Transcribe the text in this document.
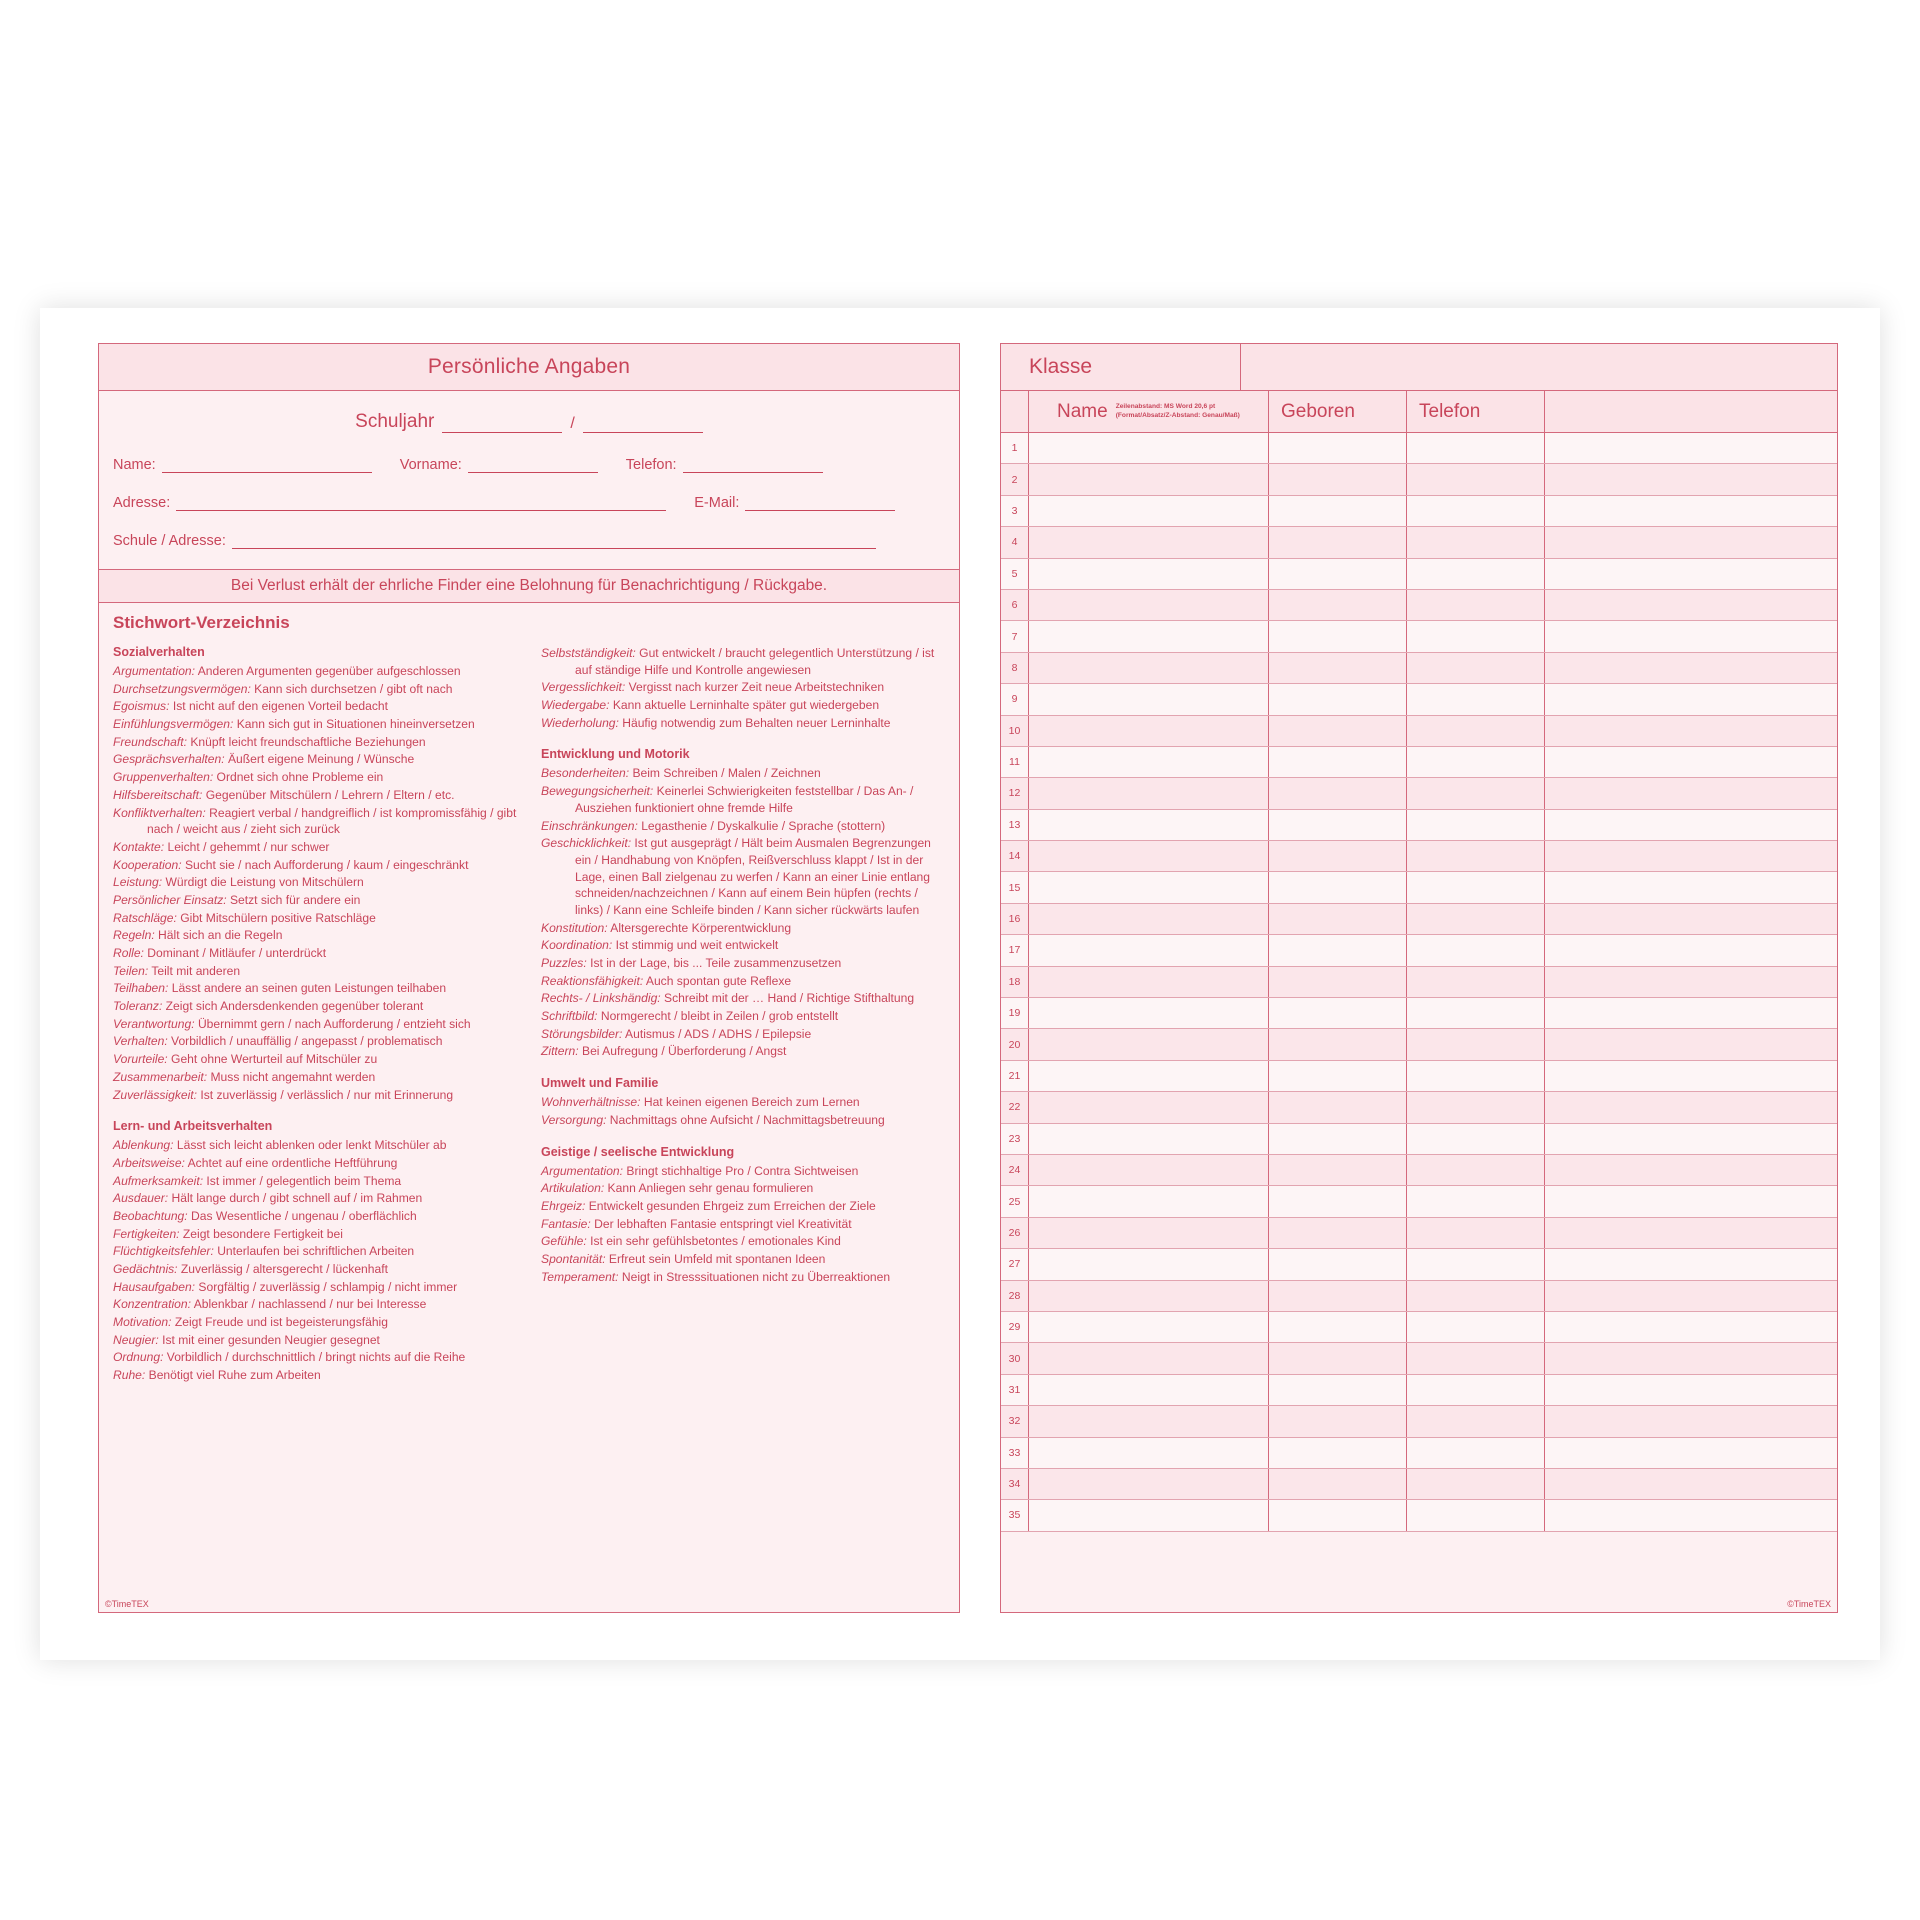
Persönliche Angaben
Schuljahr	/
Name:	Vorname:	Telefon:
Adresse:	E-Mail:
Schule / Adresse:
Bei Verlust erhält der ehrliche Finder eine Belohnung für Benachrichtigung / Rückgabe.
Stichwort-Verzeichnis
Sozialverhalten
Argumentation: Anderen Argumenten gegenüber aufgeschlossen
Durchsetzungsvermögen: Kann sich durchsetzen / gibt oft nach
Egoismus: Ist nicht auf den eigenen Vorteil bedacht
Einfühlungsvermögen: Kann sich gut in Situationen hineinversetzen
Freundschaft: Knüpft leicht freundschaftliche Beziehungen
Gesprächsverhalten: Äußert eigene Meinung / Wünsche
Gruppenverhalten: Ordnet sich ohne Probleme ein
Hilfsbereitschaft: Gegenüber Mitschülern / Lehrern / Eltern / etc.
Konfliktverhalten: Reagiert verbal / handgreiflich / ist kompromissfähig / gibt nach / weicht aus / zieht sich zurück
Kontakte: Leicht / gehemmt / nur schwer
Kooperation: Sucht sie / nach Aufforderung / kaum / eingeschränkt
Leistung: Würdigt die Leistung von Mitschülern
Persönlicher Einsatz: Setzt sich für andere ein
Ratschläge: Gibt Mitschülern positive Ratschläge
Regeln: Hält sich an die Regeln
Rolle: Dominant / Mitläufer / unterdrückt
Teilen: Teilt mit anderen
Teilhaben: Lässt andere an seinen guten Leistungen teilhaben
Toleranz: Zeigt sich Andersdenkenden gegenüber tolerant
Verantwortung: Übernimmt gern / nach Aufforderung / entzieht sich
Verhalten: Vorbildlich / unauffällig / angepasst / problematisch
Vorurteile: Geht ohne Werturteil auf Mitschüler zu
Zusammenarbeit: Muss nicht angemahnt werden
Zuverlässigkeit: Ist zuverlässig / verlässlich / nur mit Erinnerung
Lern- und Arbeitsverhalten
Ablenkung: Lässt sich leicht ablenken oder lenkt Mitschüler ab
Arbeitsweise: Achtet auf eine ordentliche Heftführung
Aufmerksamkeit: Ist immer / gelegentlich beim Thema
Ausdauer: Hält lange durch / gibt schnell auf / im Rahmen
Beobachtung: Das Wesentliche / ungenau / oberflächlich
Fertigkeiten: Zeigt besondere Fertigkeit bei
Flüchtigkeitsfehler: Unterlaufen bei schriftlichen Arbeiten
Gedächtnis: Zuverlässig / altersgerecht / lückenhaft
Hausaufgaben: Sorgfältig / zuverlässig / schlampig / nicht immer
Konzentration: Ablenkbar / nachlassend / nur bei Interesse
Motivation: Zeigt Freude und ist begeisterungsfähig
Neugier: Ist mit einer gesunden Neugier gesegnet
Ordnung: Vorbildlich / durchschnittlich / bringt nichts auf die Reihe
Ruhe: Benötigt viel Ruhe zum Arbeiten
Selbstständigkeit: Gut entwickelt / braucht gelegentlich Unterstützung / ist auf ständige Hilfe und Kontrolle angewiesen
Vergesslichkeit: Vergisst nach kurzer Zeit neue Arbeitstechniken
Wiedergabe: Kann aktuelle Lerninhalte später gut wiedergeben
Wiederholung: Häufig notwendig zum Behalten neuer Lerninhalte
Entwicklung und Motorik
Besonderheiten: Beim Schreiben / Malen / Zeichnen
Bewegungsicherheit: Keinerlei Schwierigkeiten feststellbar / Das An- / Ausziehen funktioniert ohne fremde Hilfe
Einschränkungen: Legasthenie / Dyskalkulie / Sprache (stottern)
Geschicklichkeit: Ist gut ausgeprägt / Hält beim Ausmalen Begrenzungen ein / Handhabung von Knöpfen, Reißverschluss klappt / Ist in der Lage, einen Ball zielgenau zu werfen / Kann an einer Linie entlang schneiden/nachzeichnen / Kann auf einem Bein hüpfen (rechts / links) / Kann eine Schleife binden / Kann sicher rückwärts laufen
Konstitution: Altersgerechte Körperentwicklung
Koordination: Ist stimmig und weit entwickelt
Puzzles: Ist in der Lage, bis ... Teile zusammenzusetzen
Reaktionsfähigkeit: Auch spontan gute Reflexe
Rechts- / Linkshändig: Schreibt mit der … Hand / Richtige Stifthaltung
Schriftbild: Normgerecht / bleibt in Zeilen / grob entstellt
Störungsbilder: Autismus / ADS / ADHS / Epilepsie
Zittern: Bei Aufregung / Überforderung / Angst
Umwelt und Familie
Wohnverhältnisse: Hat keinen eigenen Bereich zum Lernen
Versorgung: Nachmittags ohne Aufsicht / Nachmittagsbetreuung
Geistige / seelische Entwicklung
Argumentation: Bringt stichhaltige Pro / Contra Sichtweisen
Artikulation: Kann Anliegen sehr genau formulieren
Ehrgeiz: Entwickelt gesunden Ehrgeiz zum Erreichen der Ziele
Fantasie: Der lebhaften Fantasie entspringt viel Kreativität
Gefühle: Ist ein sehr gefühlsbetontes / emotionales Kind
Spontanität: Erfreut sein Umfeld mit spontanen Ideen
Temperament: Neigt in Stresssituationen nicht zu Überreaktionen
©TimeTEX
Klasse
Name Zeilenabstand: MS Word 20,6 pt
(Format/Absatz/Z-Abstand: Genau/Maß)	Geboren	Telefon
1
2
3
4
5
6
7
8
9
10
11
12
13
14
15
16
17
18
19
20
21
22
23
24
25
26
27
28
29
30
31
32
33
34
35
©TimeTEX
